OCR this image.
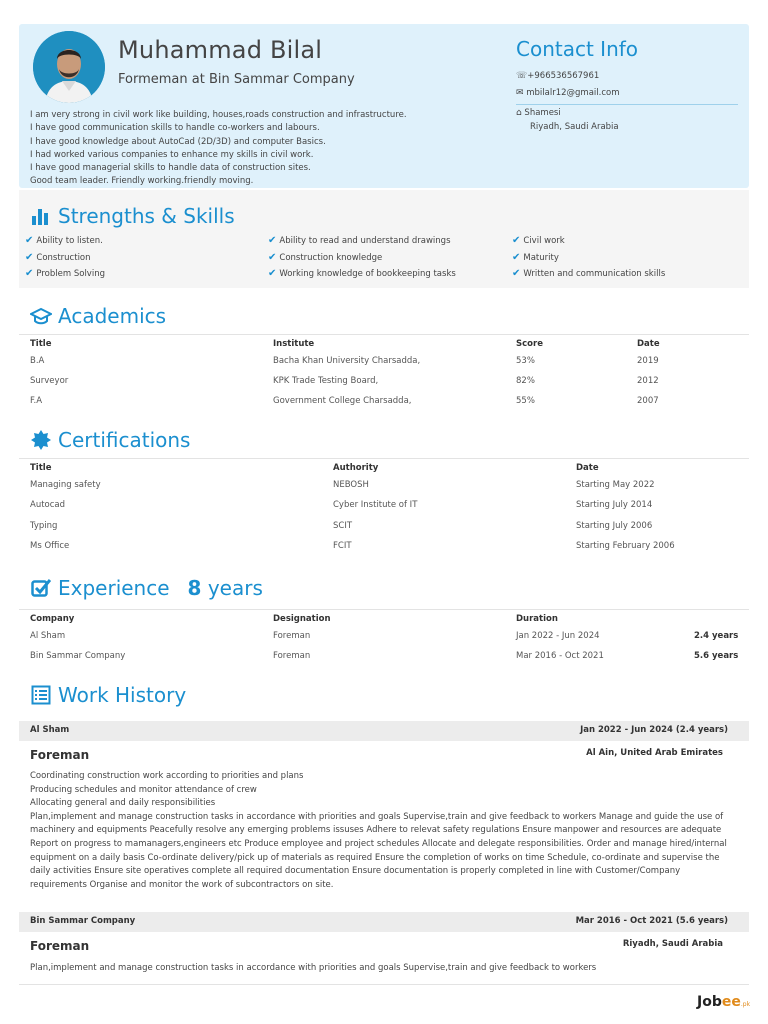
Muhammad Bilal
Formeman at Bin Sammar Company
I am very strong in civil work like building, houses,roads construction and infrastructure.
I have good communication skills to handle co-workers and labours.
I have good knowledge about AutoCad (2D/3D) and computer Basics.
I had worked various companies to enhance my skills in civil work.
I have good managerial skills to handle data of construction sites.
Good team leader. Friendly working.friendly moving.
Contact Info
☏+966536567961
✉ mbilalr12@gmail.com
⌂ Shamesi
Riyadh, Saudi Arabia
Strengths & Skills
✔ Ability to listen.	✔ Ability to read and understand drawings	✔ Civil work
✔ Construction	✔ Construction knowledge	✔ Maturity
✔ Problem Solving	✔ Working knowledge of bookkeeping tasks	✔ Written and communication skills
Academics
Title	Institute	Score	Date
B.A	Bacha Khan University Charsadda,	53%	2019
Surveyor	KPK Trade Testing Board,	82%	2012
F.A	Government College Charsadda,	55%	2007
Certifications
Title	Authority	Date
Managing safety	NEBOSH	Starting May 2022
Autocad	Cyber Institute of IT	Starting July 2014
Typing	SCIT	Starting July 2006
Ms Office	FCIT	Starting February 2006
Experience 8 years
Company	Designation	Duration
Al Sham	Foreman	Jan 2022 - Jun 2024	2.4 years
Bin Sammar Company	Foreman	Mar 2016 - Oct 2021	5.6 years
Work History
Al Sham	Jan 2022 - Jun 2024 (2.4 years)
Foreman	Al Ain, United Arab Emirates
Coordinating construction work according to priorities and plans
Producing schedules and monitor attendance of crew
Allocating general and daily responsibilities
Plan,implement and manage construction tasks in accordance with priorities and goals Supervise,train and give feedback to workers Manage and guide the use of machinery and equipments Peacefully resolve any emerging problems issuses Adhere to relevat safety regulations Ensure manpower and resources are adequate Report on progress to mamanagers,engineers etc Produce employee and project schedules Allocate and delegate responsibilities. Order and manage hired/internal equipment on a daily basis Co-ordinate delivery/pick up of materials as required Ensure the completion of works on time Schedule, co-ordinate and supervise the daily activities Ensure site operatives complete all required documentation Ensure documentation is properly completed in line with Customer/Company requirements Organise and monitor the work of subcontractors on site.
Bin Sammar Company	Mar 2016 - Oct 2021 (5.6 years)
Foreman	Riyadh, Saudi Arabia
Plan,implement and manage construction tasks in accordance with priorities and goals Supervise,train and give feedback to workers
Jobee.pk
